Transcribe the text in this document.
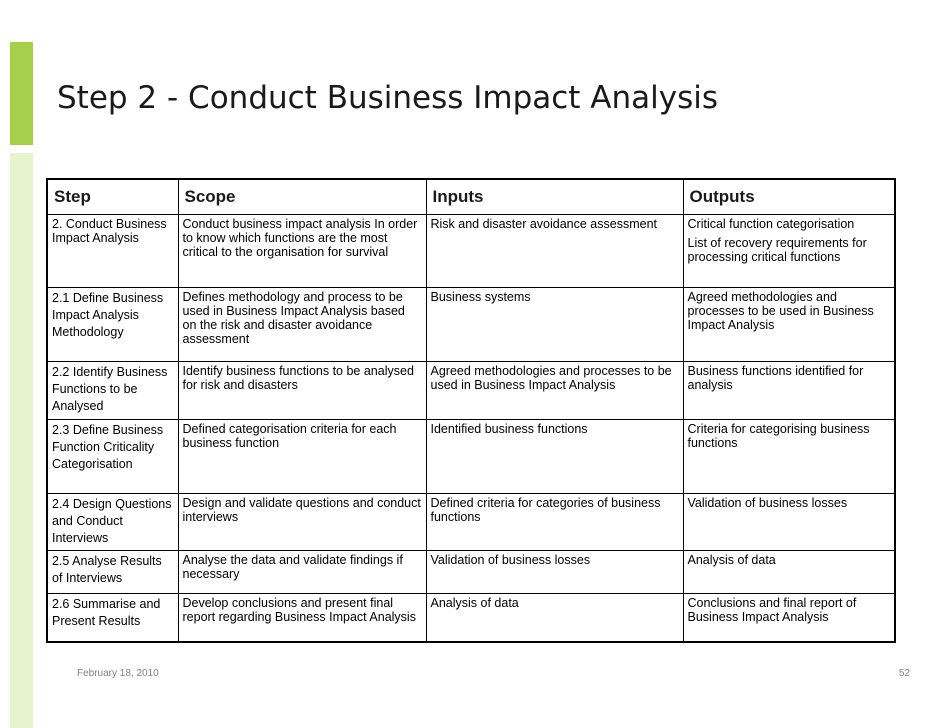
Step 2 - Conduct Business Impact Analysis
Step	Scope	Inputs	Outputs
2. Conduct Business Impact Analysis	Conduct business impact analysis In order to know which functions are the most critical to the organisation for survival	Risk and disaster avoidance assessment	Critical function categorisation

List of recovery requirements for processing critical functions

2.1 Define Business Impact Analysis Methodology	Defines methodology and process to be used in Business Impact Analysis based on the risk and disaster avoidance assessment	Business systems	Agreed methodologies and processes to be used in Business Impact Analysis
2.2 Identify Business Functions to be Analysed	Identify business functions to be analysed for risk and disasters	Agreed methodologies and processes to be used in Business Impact Analysis	Business functions identified for analysis
2.3 Define Business Function Criticality Categorisation	Defined categorisation criteria for each business function	Identified business functions	Criteria for categorising business functions
2.4 Design Questions and Conduct Interviews	Design and validate questions and conduct interviews	Defined criteria for categories of business functions	Validation of business losses
2.5 Analyse Results of Interviews	Analyse the data and validate findings if necessary	Validation of business losses	Analysis of data
2.6 Summarise and Present Results	Develop conclusions and present final report regarding Business Impact Analysis	Analysis of data	Conclusions and final report of Business Impact Analysis
February 18, 2010	52
